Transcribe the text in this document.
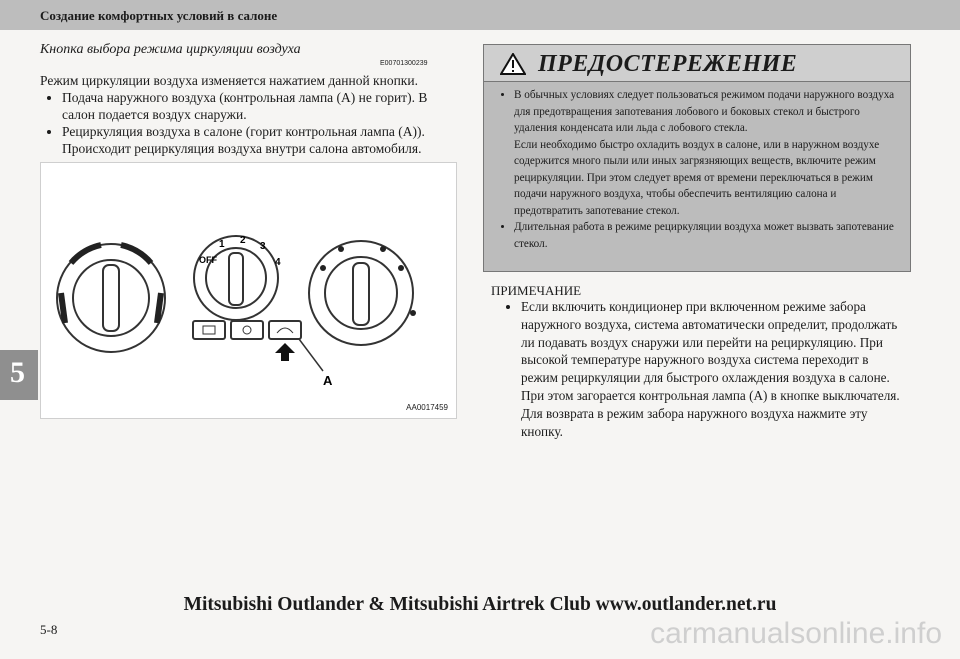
Создание комфортных условий в салоне
Кнопка выбора режима циркуляции воздуха
E00701300239
Режим циркуляции воздуха изменяется нажатием данной кнопки.
• Подача наружного воздуха (контрольная лампа (A) не горит). В салон подается воздух снаружи.
• Рециркуляция воздуха в салоне (горит контрольная лампа (A)). Происходит рециркуляция воздуха внутри салона автомобиля.
OFF
1 2
3
4
A
AA0017459
ПРЕДОСТЕРЕЖЕНИЕ
• В обычных условиях следует пользоваться режимом подачи наружного воздуха для предотвращения запотевания лобового и боковых стекол и быстрого удаления конденсата или льда с лобового стекла.

Если необходимо быстро охладить воздух в салоне, или в наружном воздухе содержится много пыли или иных загрязняющих веществ, включите режим рециркуляции. При этом следует время от времени переключаться в режим подачи наружного воздуха, чтобы обеспечить вентиляцию салона и предотвратить запотевание стекол.

• Длительная работа в режиме рециркуляции воздуха может вызвать запотевание стекол.
ПРИМЕЧАНИЕ
• Если включить кондиционер при включенном режиме забора наружного воздуха, система автоматически определит, продолжать ли подавать воздух снаружи или перейти на рециркуляцию. При высокой температуре наружного воздуха система переходит в режим рециркуляции для быстрого охлаждения воздуха в салоне. При этом загорается контрольная лампа (A) в кнопке выключателя. Для возврата в режим забора наружного воздуха нажмите эту кнопку.
5
Mitsubishi Outlander & Mitsubishi Airtrek Club www.outlander.net.ru
5-8	carmanualsonline.info
